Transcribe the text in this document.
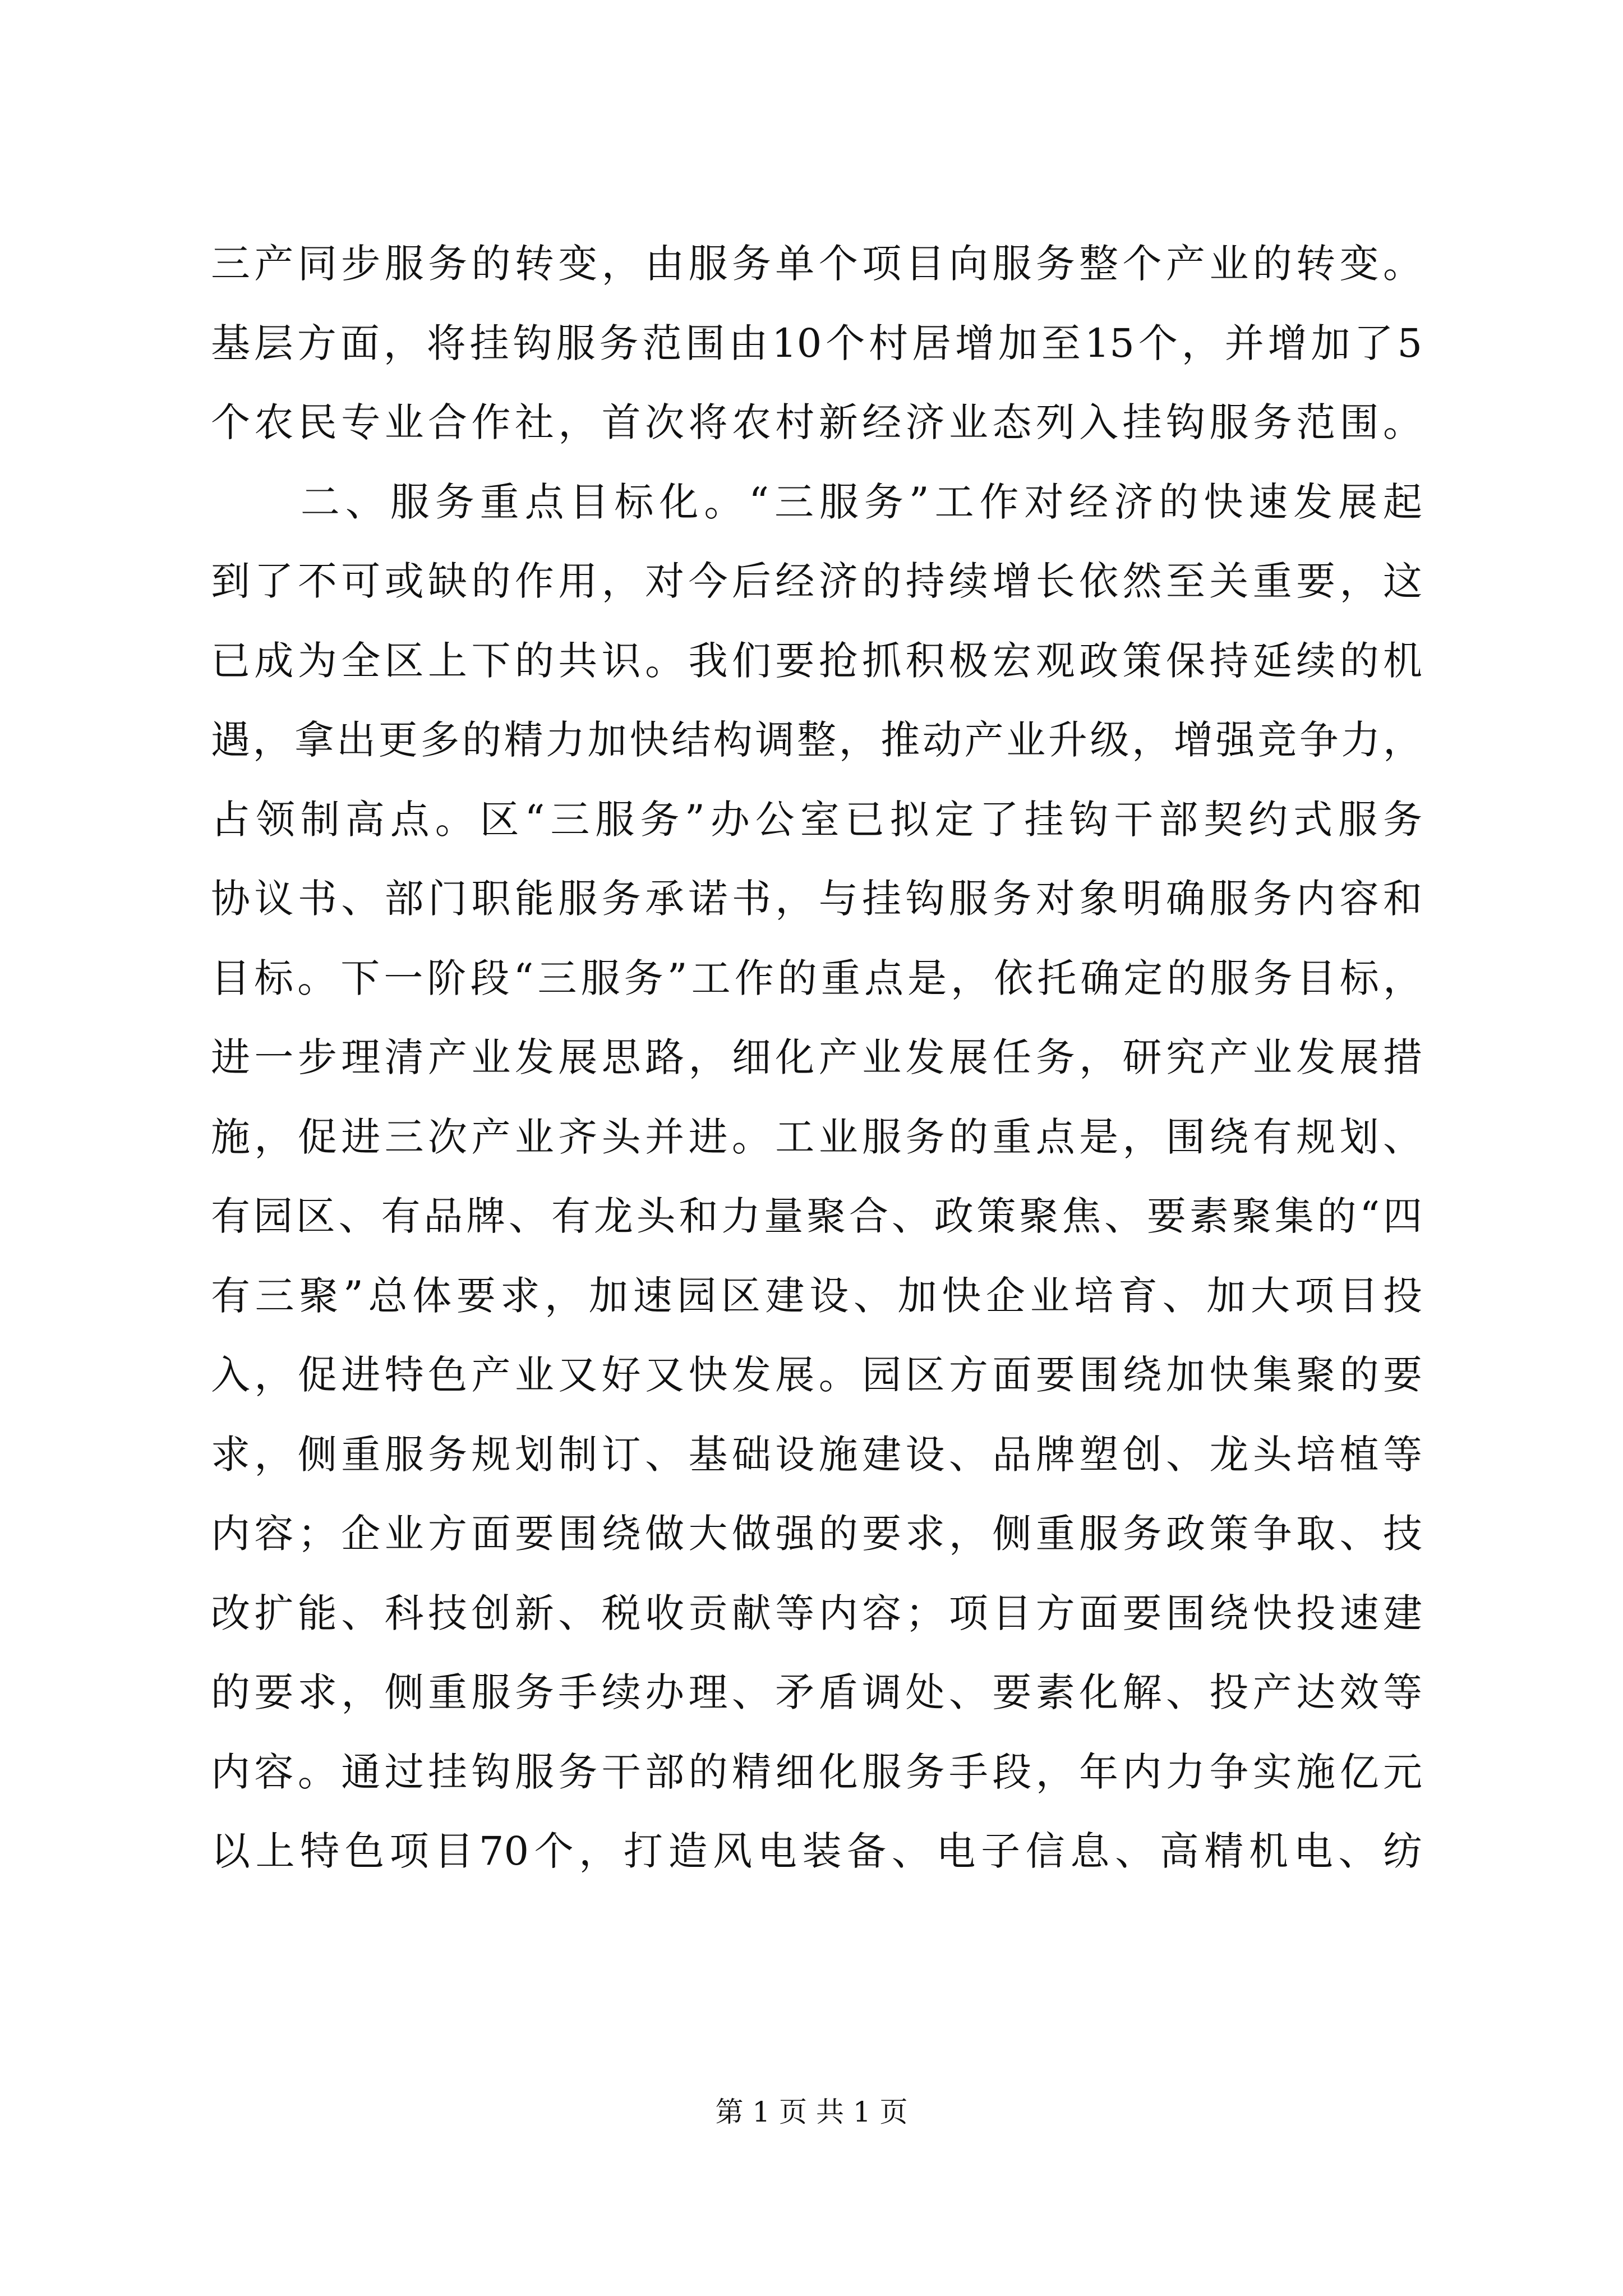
三产同步服务的转变，由服务单个项目向服务整个产业的转变。
基层方面，将挂钩服务范围由10个村居增加至15个，并增加了5
个农民专业合作社，首次将农村新经济业态列入挂钩服务范围。
　　二、服务重点目标化。“三服务”工作对经济的快速发展起
到了不可或缺的作用，对今后经济的持续增长依然至关重要，这
已成为全区上下的共识。我们要抢抓积极宏观政策保持延续的机
遇，拿出更多的精力加快结构调整，推动产业升级，增强竞争力，
占领制高点。区“三服务”办公室已拟定了挂钩干部契约式服务
协议书、部门职能服务承诺书，与挂钩服务对象明确服务内容和
目标。下一阶段“三服务”工作的重点是，依托确定的服务目标，
进一步理清产业发展思路，细化产业发展任务，研究产业发展措
施，促进三次产业齐头并进。工业服务的重点是，围绕有规划、
有园区、有品牌、有龙头和力量聚合、政策聚焦、要素聚集的“四
有三聚”总体要求，加速园区建设、加快企业培育、加大项目投
入，促进特色产业又好又快发展。园区方面要围绕加快集聚的要
求，侧重服务规划制订、基础设施建设、品牌塑创、龙头培植等
内容；企业方面要围绕做大做强的要求，侧重服务政策争取、技
改扩能、科技创新、税收贡献等内容；项目方面要围绕快投速建
的要求，侧重服务手续办理、矛盾调处、要素化解、投产达效等
内容。通过挂钩服务干部的精细化服务手段，年内力争实施亿元
以上特色项目70个，打造风电装备、电子信息、高精机电、纺
第 1 页 共 1 页
